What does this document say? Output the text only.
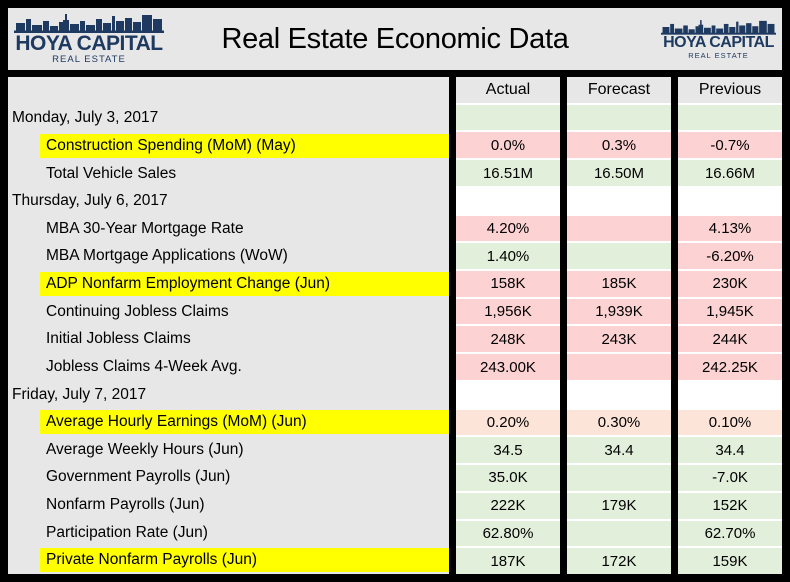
HOYA CAPITAL
REAL ESTATE
Real Estate Economic Data	HOYA CAPITAL
REAL ESTATE
Monday, July 3, 2017
Construction Spending (MoM) (May)
Total Vehicle Sales
Thursday, July 6, 2017
MBA 30-Year Mortgage Rate
MBA Mortgage Applications (WoW)
ADP Nonfarm Employment Change (Jun)
Continuing Jobless Claims
Initial Jobless Claims
Jobless Claims 4-Week Avg.
Friday, July 7, 2017
Average Hourly Earnings (MoM) (Jun)
Average Weekly Hours (Jun)
Government Payrolls (Jun)
Nonfarm Payrolls (Jun)
Participation Rate (Jun)
Private Nonfarm Payrolls (Jun)
Actual
0.0%
16.51M
4.20%
1.40%
158K
1,956K
248K
243.00K
0.20%
34.5
35.0K
222K
62.80%
187K
Forecast
0.3%
16.50M
185K
1,939K
243K
0.30%
34.4
179K
172K
Previous
-0.7%
16.66M
4.13%
-6.20%
230K
1,945K
244K
242.25K
0.10%
34.4
-7.0K
152K
62.70%
159K
